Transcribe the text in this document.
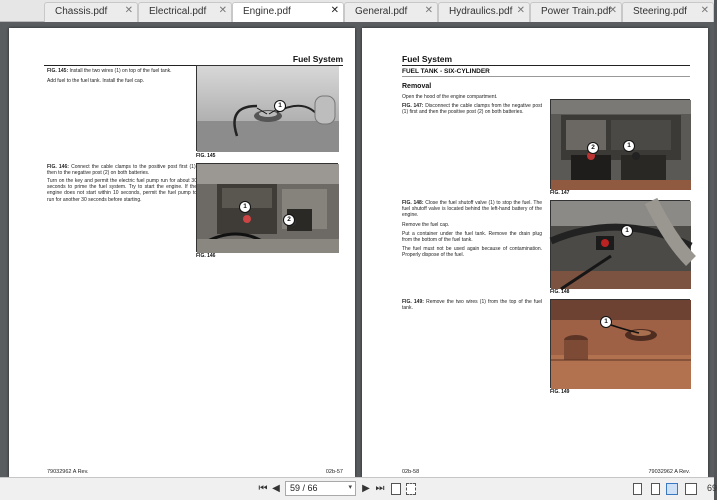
Chassis.pdf ✕ Electrical.pdf ✕ Engine.pdf	✕ General.pdf ✕ Hydraulics.pdf ✕ Power Train.pdf
✕ Steering.pdf ✕
Fuel System
FIG. 145: Install the two wires (1) on top of the fuel tank.
Add fuel to the fuel tank. Install the fuel cap.
1
FIG. 145
FIG. 146: Connect the cable clamps to the positive post first (1), then to the negative post (2) on both batteries.
Turn on the key and permit the electric fuel pump run for about 30 seconds to prime the fuel system. Try to start the engine. If the engine does not start within 10 seconds, permit the fuel pump to run for another 30 seconds before starting.
1
2
FIG. 146
79032962 A Rev.	02b-57
Fuel System
FUEL TANK - SIX-CYLINDER
Removal
Open the hood of the engine compartment.
FIG. 147: Disconnect the cable clamps from the negative post (1) first and then the positive post (2) on both batteries.
2	1
FIG. 147
FIG. 148: Close the fuel shutoff valve (1) to stop the fuel. The fuel shutoff valve is located behind the left-hand battery of the engine.
Remove the fuel cap.
Put a container under the fuel tank. Remove the drain plug from the bottom of the fuel tank.
The fuel must not be used again because of contamination. Properly dispose of the fuel.
1
FIG. 148
FIG. 149: Remove the two wires (1) from the top of the fuel tank.
1
FIG. 149
02b-58	79032962 A Rev.
⏮ ◀ 59 / 66	▾ ▶ ⏭	69
